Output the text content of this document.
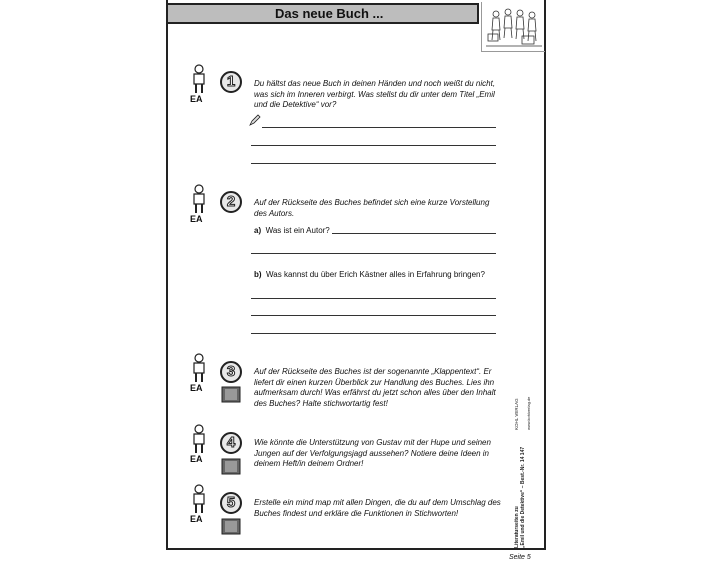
Das neue Buch ...
EA
1	Du hältst das neue Buch in deinen Händen und noch weißt du nicht, was sich im Inneren verbirgt. Was stellst du dir unter dem Titel „Emil und die Detektive“ vor?
EA
2	Auf der Rückseite des Buches befindet sich eine kurze Vorstellung des Autors.
a) Was ist ein Autor?
b) Was kannst du über Erich Kästner alles in Erfahrung bringen?
EA
3	Auf der Rückseite des Buches ist der sogenannte „Klappentext“. Er liefert dir einen kurzen Überblick zur Handlung des Buches. Lies ihn aufmerksam durch! Was erfährst du jetzt schon alles über den Inhalt des Buches? Halte stichwortartig fest!
EA
4	Wie könnte die Unterstützung von Gustav mit der Hupe und seinen Jungen auf der Verfolgungsjagd aussehen? Notiere deine Ideen in deinem Heft/in deinem Ordner!
EA
5	Erstelle ein mind map mit allen Dingen, die du auf dem Umschlag des Buches findest und erkläre die Funktionen in Stichworten!	Literaturseiten zu „Emil und die Detektive“ – Best.-Nr. 14 147
KOHL VERLAG www.kohlverlag.de
Seite 5
